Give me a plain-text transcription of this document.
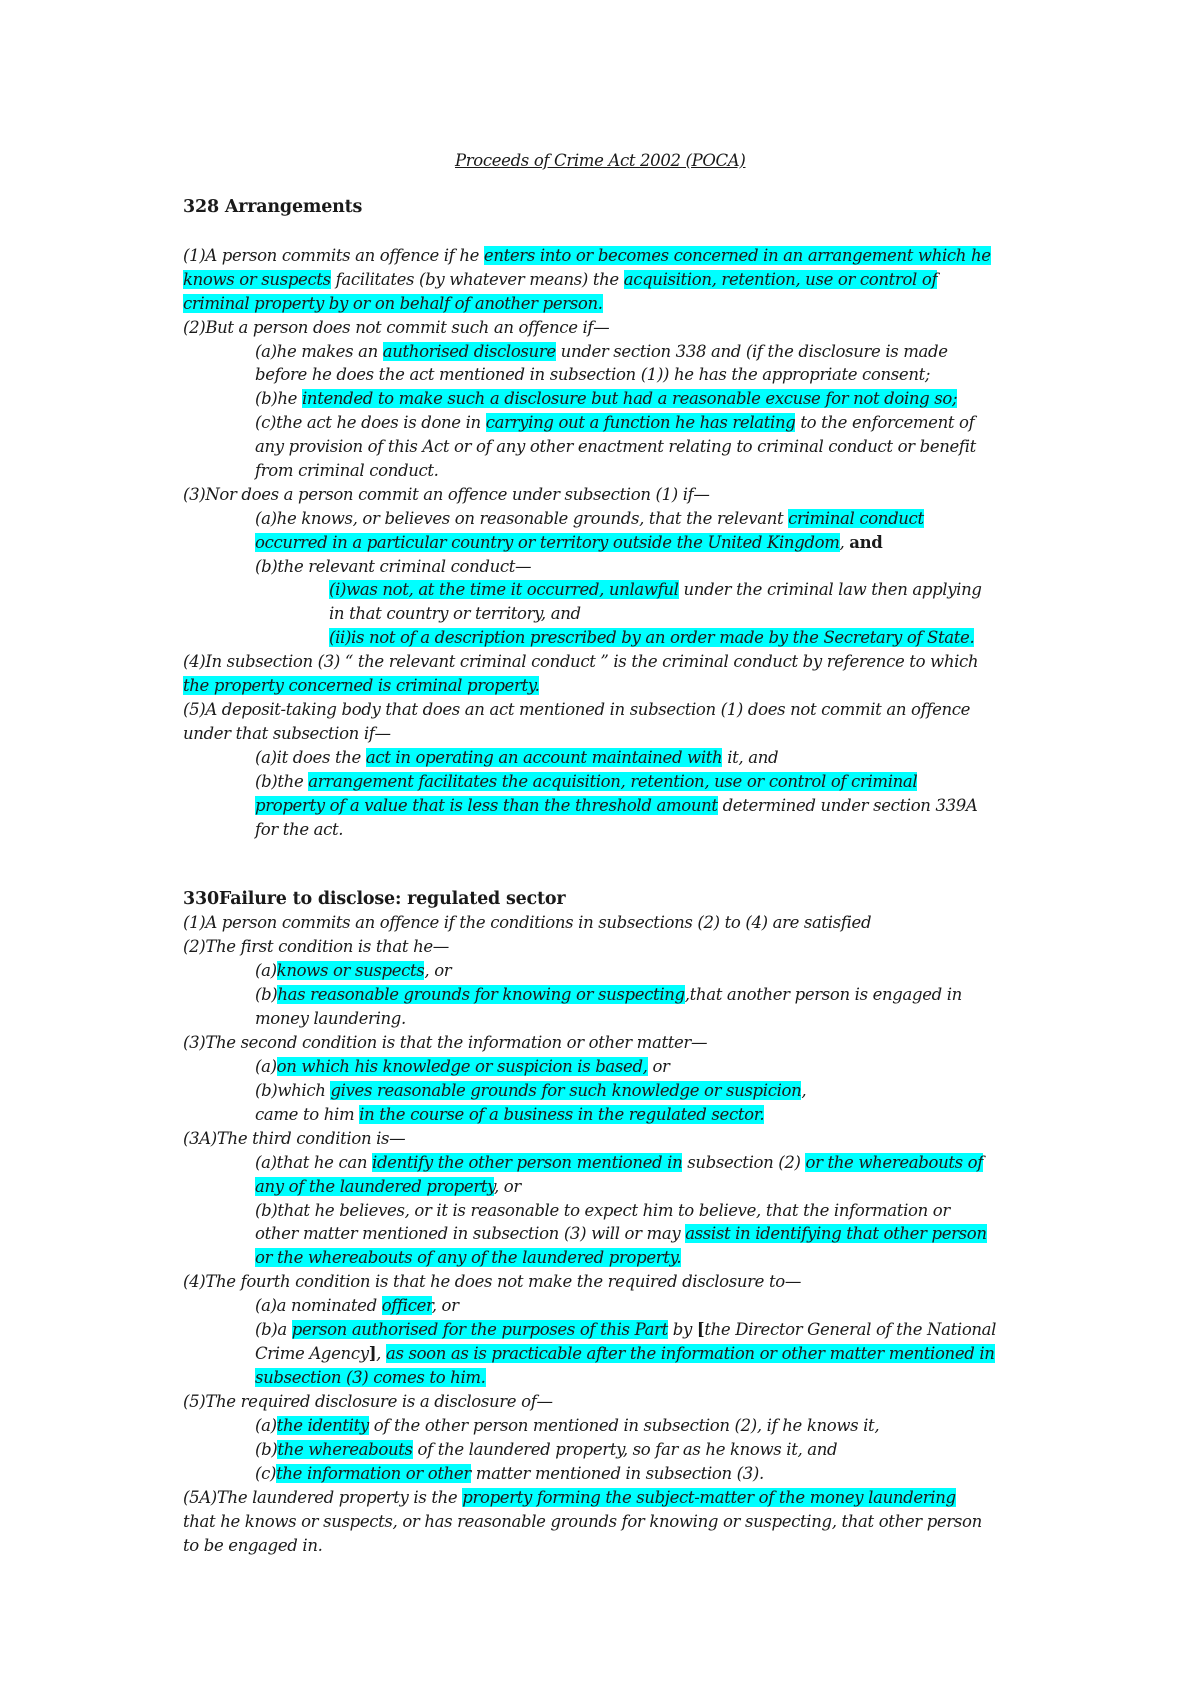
Proceeds of Crime Act 2002 (POCA)
328 Arrangements
330Failure to disclose: regulated sector
(1)A person commits an offence if he enters into or becomes concerned in an arrangement which he
knows or suspects facilitates (by whatever means) the acquisition, retention, use or control of
criminal property by or on behalf of another person.
(2)But a person does not commit such an offence if—
(a)he makes an authorised disclosure under section 338 and (if the disclosure is made
before he does the act mentioned in subsection (1)) he has the appropriate consent;
(b)he intended to make such a disclosure but had a reasonable excuse for not doing so;
(c)the act he does is done in carrying out a function he has relating to the enforcement of
any provision of this Act or of any other enactment relating to criminal conduct or benefit
from criminal conduct.
(3)Nor does a person commit an offence under subsection (1) if—
(a)he knows, or believes on reasonable grounds, that the relevant criminal conduct
occurred in a particular country or territory outside the United Kingdom, and
(b)the relevant criminal conduct—
(i)was not, at the time it occurred, unlawful under the criminal law then applying
in that country or territory, and
(ii)is not of a description prescribed by an order made by the Secretary of State.
(4)In subsection (3) “ the relevant criminal conduct ” is the criminal conduct by reference to which
the property concerned is criminal property.
(5)A deposit-taking body that does an act mentioned in subsection (1) does not commit an offence
under that subsection if—
(a)it does the act in operating an account maintained with it, and
(b)the arrangement facilitates the acquisition, retention, use or control of criminal
property of a value that is less than the threshold amount determined under section 339A
for the act.
(1)A person commits an offence if the conditions in subsections (2) to (4) are satisfied
(2)The first condition is that he—
(a)knows or suspects, or
(b)has reasonable grounds for knowing or suspecting,that another person is engaged in
money laundering.
(3)The second condition is that the information or other matter—
(a)on which his knowledge or suspicion is based, or
(b)which gives reasonable grounds for such knowledge or suspicion,
came to him in the course of a business in the regulated sector.
(3A)The third condition is—
(a)that he can identify the other person mentioned in subsection (2) or the whereabouts of
any of the laundered property, or
(b)that he believes, or it is reasonable to expect him to believe, that the information or
other matter mentioned in subsection (3) will or may assist in identifying that other person
or the whereabouts of any of the laundered property.
(4)The fourth condition is that he does not make the required disclosure to—
(a)a nominated officer, or
(b)a person authorised for the purposes of this Part by [the Director General of the National
Crime Agency], as soon as is practicable after the information or other matter mentioned in
subsection (3) comes to him.
(5)The required disclosure is a disclosure of—
(a)the identity of the other person mentioned in subsection (2), if he knows it,
(b)the whereabouts of the laundered property, so far as he knows it, and
(c)the information or other matter mentioned in subsection (3).
(5A)The laundered property is the property forming the subject-matter of the money laundering
that he knows or suspects, or has reasonable grounds for knowing or suspecting, that other person
to be engaged in.
